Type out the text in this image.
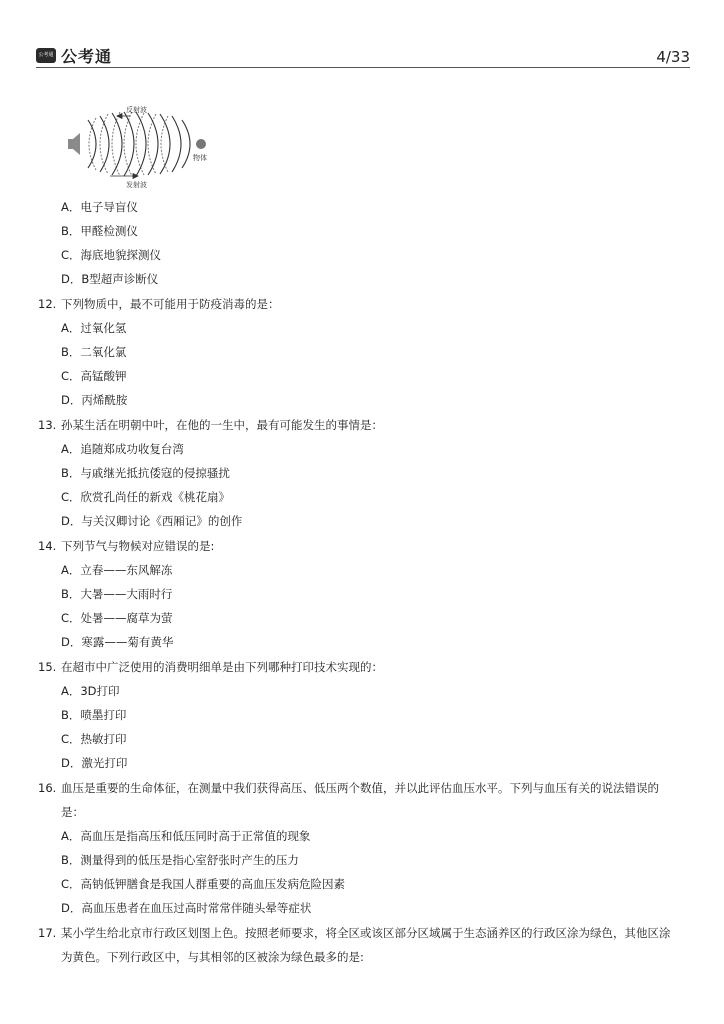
公考通 公考通	4/33
反射波
发射波
物体
A．电子导盲仪
B．甲醛检测仪
C．海底地貌探测仪
D．B型超声诊断仪
12. 下列物质中，最不可能用于防疫消毒的是：
A．过氧化氢
B．二氧化氯
C．高锰酸钾
D．丙烯酰胺
13. 孙某生活在明朝中叶，在他的一生中，最有可能发生的事情是：
A．追随郑成功收复台湾
B．与戚继光抵抗倭寇的侵掠骚扰
C．欣赏孔尚任的新戏《桃花扇》
D．与关汉卿讨论《西厢记》的创作
14. 下列节气与物候对应错误的是:
A．立春——东风解冻
B．大暑——大雨时行
C．处暑——腐草为萤
D．寒露——菊有黄华
15. 在超市中广泛使用的消费明细单是由下列哪种打印技术实现的：
A．3D打印
B．喷墨打印
C．热敏打印
D．激光打印
16. 血压是重要的生命体征，在测量中我们获得高压、低压两个数值，并以此评估血压水平。下列与血压有关的说法错误的
是：
A．高血压是指高压和低压同时高于正常值的现象
B．测量得到的低压是指心室舒张时产生的压力
C．高钠低钾膳食是我国人群重要的高血压发病危险因素
D．高血压患者在血压过高时常常伴随头晕等症状
17. 某小学生给北京市行政区划图上色。按照老师要求，将全区或该区部分区域属于生态涵养区的行政区涂为绿色，其他区涂
为黄色。下列行政区中，与其相邻的区被涂为绿色最多的是:
